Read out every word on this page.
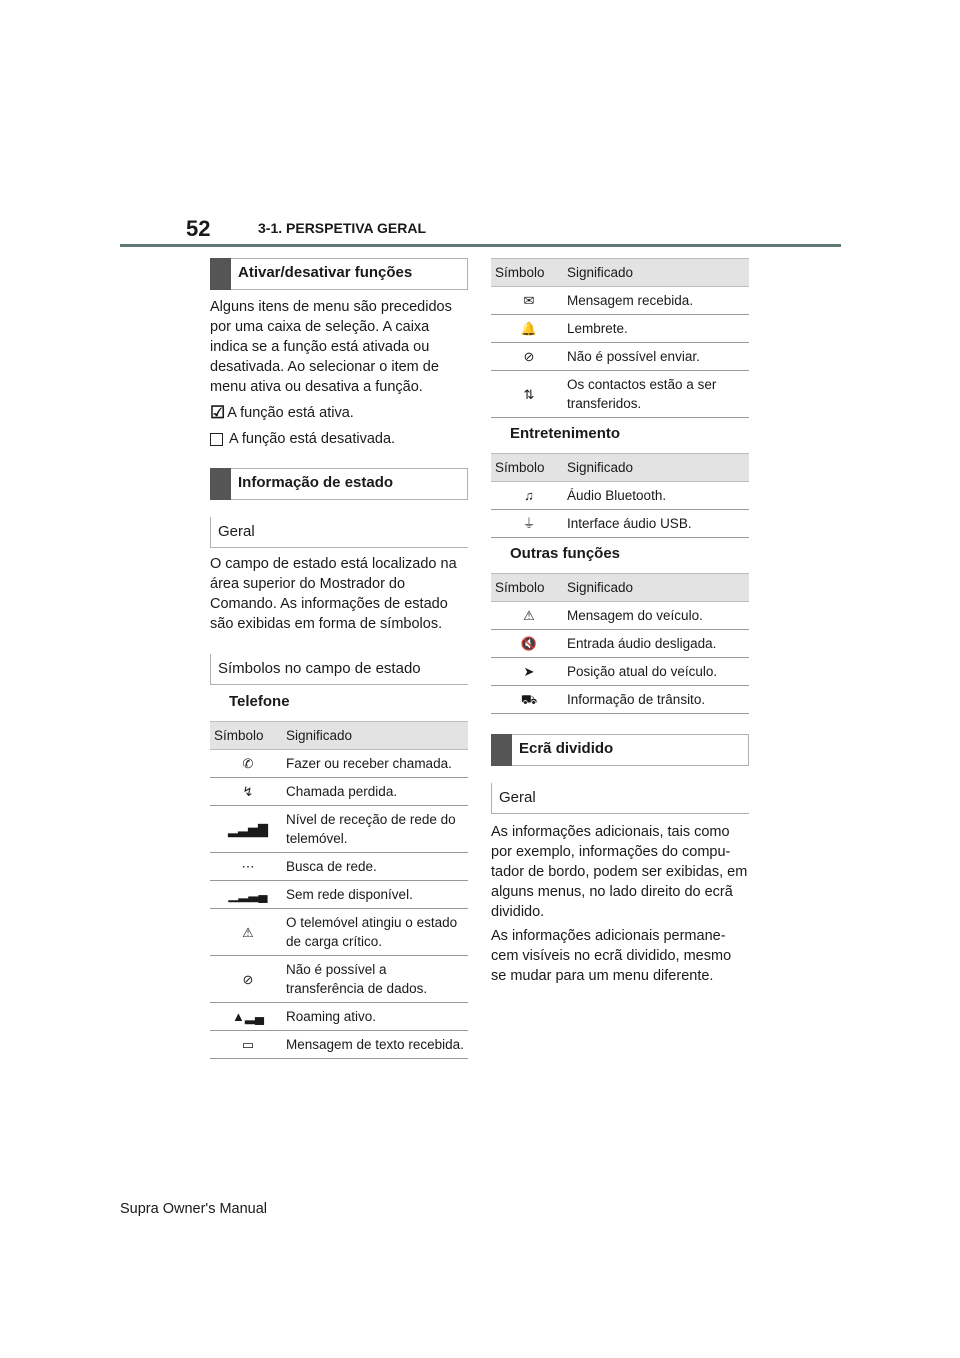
52	3-1. PERSPETIVA GERAL
Ativar/desativar funções

Alguns itens de menu são precedidos por uma caixa de seleção. A caixa indica se a função está ativada ou desativada. Ao selecionar o item de menu ativa ou desativa a função.

☑ A função está ativa.
A função está desativada.
Informação de estado
Geral

O campo de estado está localizado na área superior do Mostrador do Comando. As informações de estado são exibidas em forma de símbolos.

Símbolos no campo de estado
Telefone
Símbolo	Significado
✆	Fazer ou receber chamada.
↯	Chamada perdida.
▂▃▅▇	Nível de receção de rede do telemóvel.
⋯	Busca de rede.
▁▂▃▄	Sem rede disponível.
⚠	O telemóvel atingiu o estado de carga crítico.
⊘	Não é possível a transferência de dados.
▲▂▄	Roaming ativo.
▭	Mensagem de texto recebida.
Símbolo	Significado
✉	Mensagem recebida.
🔔	Lembrete.
⊘	Não é possível enviar.
⇅	Os contactos estão a ser transferidos.
Entretenimento
Símbolo	Significado
♫	Áudio Bluetooth.
⏚	Interface áudio USB.
Outras funções
Símbolo	Significado
⚠	Mensagem do veículo.
🔇	Entrada áudio desligada.
➤	Posição atual do veículo.
⛟	Informação de trânsito.
Ecrã dividido
Geral

As informações adicionais, tais como por exemplo, informações do compu-tador de bordo, podem ser exibidas, em alguns menus, no lado direito do ecrã dividido.

As informações adicionais permane-cem visíveis no ecrã dividido, mesmo se mudar para um menu diferente.

Supra Owner's Manual
